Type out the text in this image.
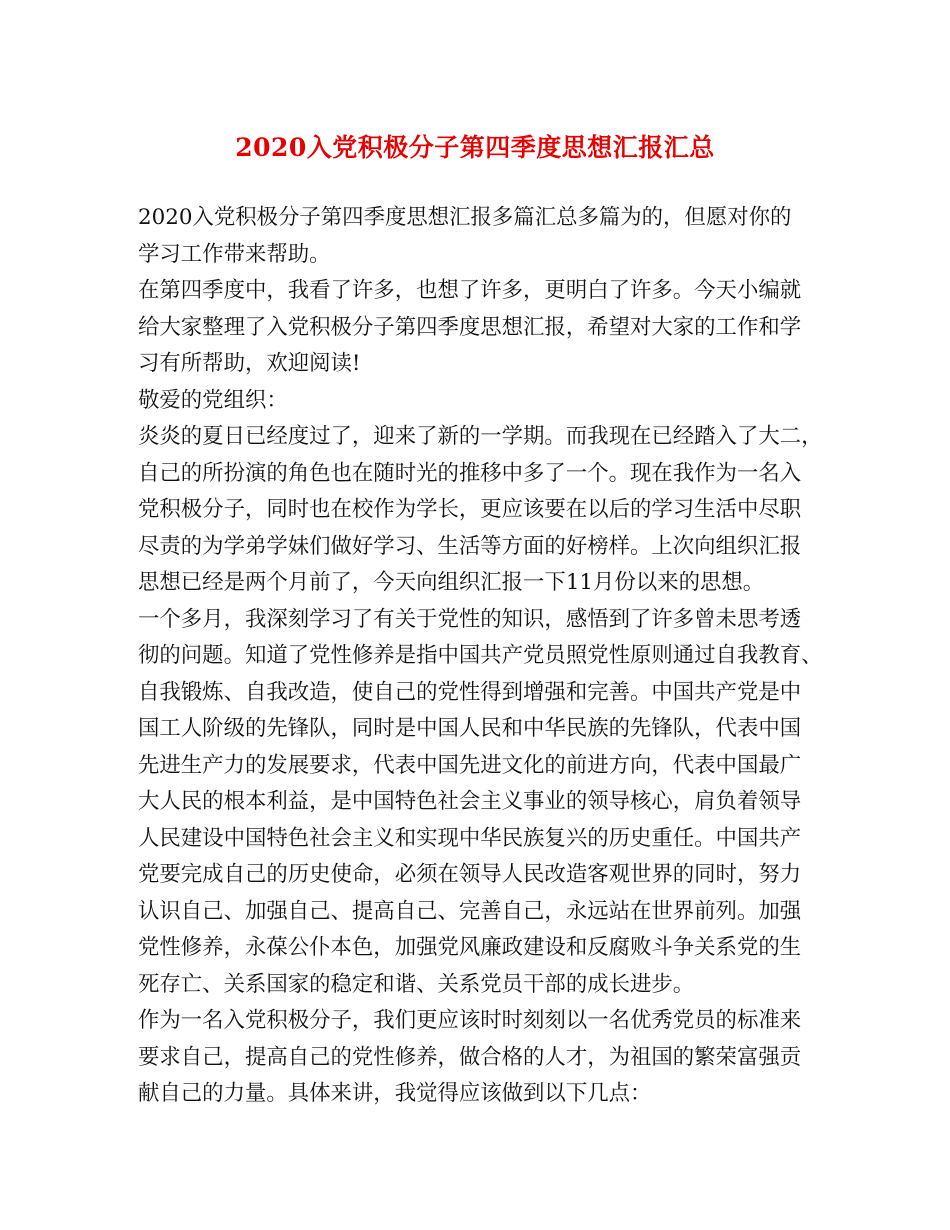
2020入党积极分子第四季度思想汇报汇总

2020入党积极分子第四季度思想汇报多篇汇总多篇为的，但愿对你的
学习工作带来帮助。

在第四季度中，我看了许多，也想了许多，更明白了许多。今天小编就
给大家整理了入党积极分子第四季度思想汇报，希望对大家的工作和学
习有所帮助，欢迎阅读!

敬爱的党组织：

炎炎的夏日已经度过了，迎来了新的一学期。而我现在已经踏入了大二，
自己的所扮演的角色也在随时光的推移中多了一个。现在我作为一名入
党积极分子，同时也在校作为学长，更应该要在以后的学习生活中尽职
尽责的为学弟学妹们做好学习、生活等方面的好榜样。上次向组织汇报
思想已经是两个月前了，今天向组织汇报一下11月份以来的思想。

一个多月，我深刻学习了有关于党性的知识，感悟到了许多曾未思考透
彻的问题。知道了党性修养是指中国共产党员照党性原则通过自我教育、
自我锻炼、自我改造，使自己的党性得到增强和完善。中国共产党是中
国工人阶级的先锋队，同时是中国人民和中华民族的先锋队，代表中国
先进生产力的发展要求，代表中国先进文化的前进方向，代表中国最广
大人民的根本利益，是中国特色社会主义事业的领导核心，肩负着领导
人民建设中国特色社会主义和实现中华民族复兴的历史重任。中国共产
党要完成自己的历史使命，必须在领导人民改造客观世界的同时，努力
认识自己、加强自己、提高自己、完善自己，永远站在世界前列。加强
党性修养，永葆公仆本色，加强党风廉政建设和反腐败斗争关系党的生
死存亡、关系国家的稳定和谐、关系党员干部的成长进步。

作为一名入党积极分子，我们更应该时时刻刻以一名优秀党员的标准来
要求自己，提高自己的党性修养，做合格的人才，为祖国的繁荣富强贡
献自己的力量。具体来讲，我觉得应该做到以下几点：
